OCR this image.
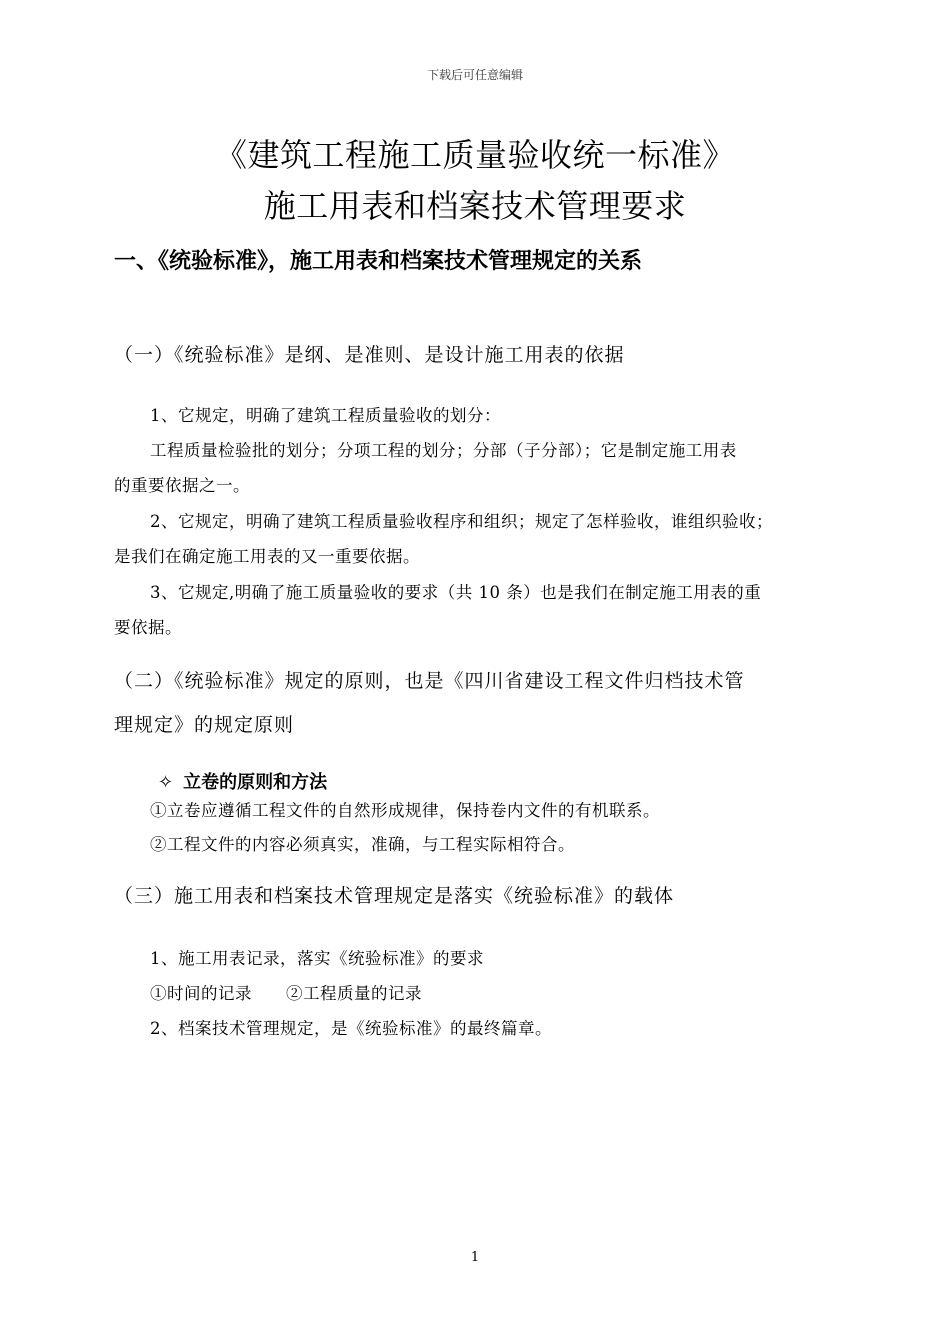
下载后可任意编辑
《建筑工程施工质量验收统一标准》
施工用表和档案技术管理要求
一、《统验标准》，施工用表和档案技术管理规定的关系
（一）《统验标准》是纲、是准则、是设计施工用表的依据
1、它规定，明确了建筑工程质量验收的划分：
工程质量检验批的划分；分项工程的划分；分部（子分部）；它是制定施工用表
的重要依据之一。
2、它规定，明确了建筑工程质量验收程序和组织；规定了怎样验收，谁组织验收；
是我们在确定施工用表的又一重要依据。
3、它规定,明确了施工质量验收的要求（共 10 条）也是我们在制定施工用表的重
要依据。
（二）《统验标准》规定的原则，也是《四川省建设工程文件归档技术管
理规定》的规定原则
✧ 立卷的原则和方法
①立卷应遵循工程文件的自然形成规律，保持卷内文件的有机联系。
②工程文件的内容必须真实，准确，与工程实际相符合。
（三）施工用表和档案技术管理规定是落实《统验标准》的载体
1、施工用表记录，落实《统验标准》的要求
①时间的记录 ②工程质量的记录
2、档案技术管理规定，是《统验标准》的最终篇章。
1
